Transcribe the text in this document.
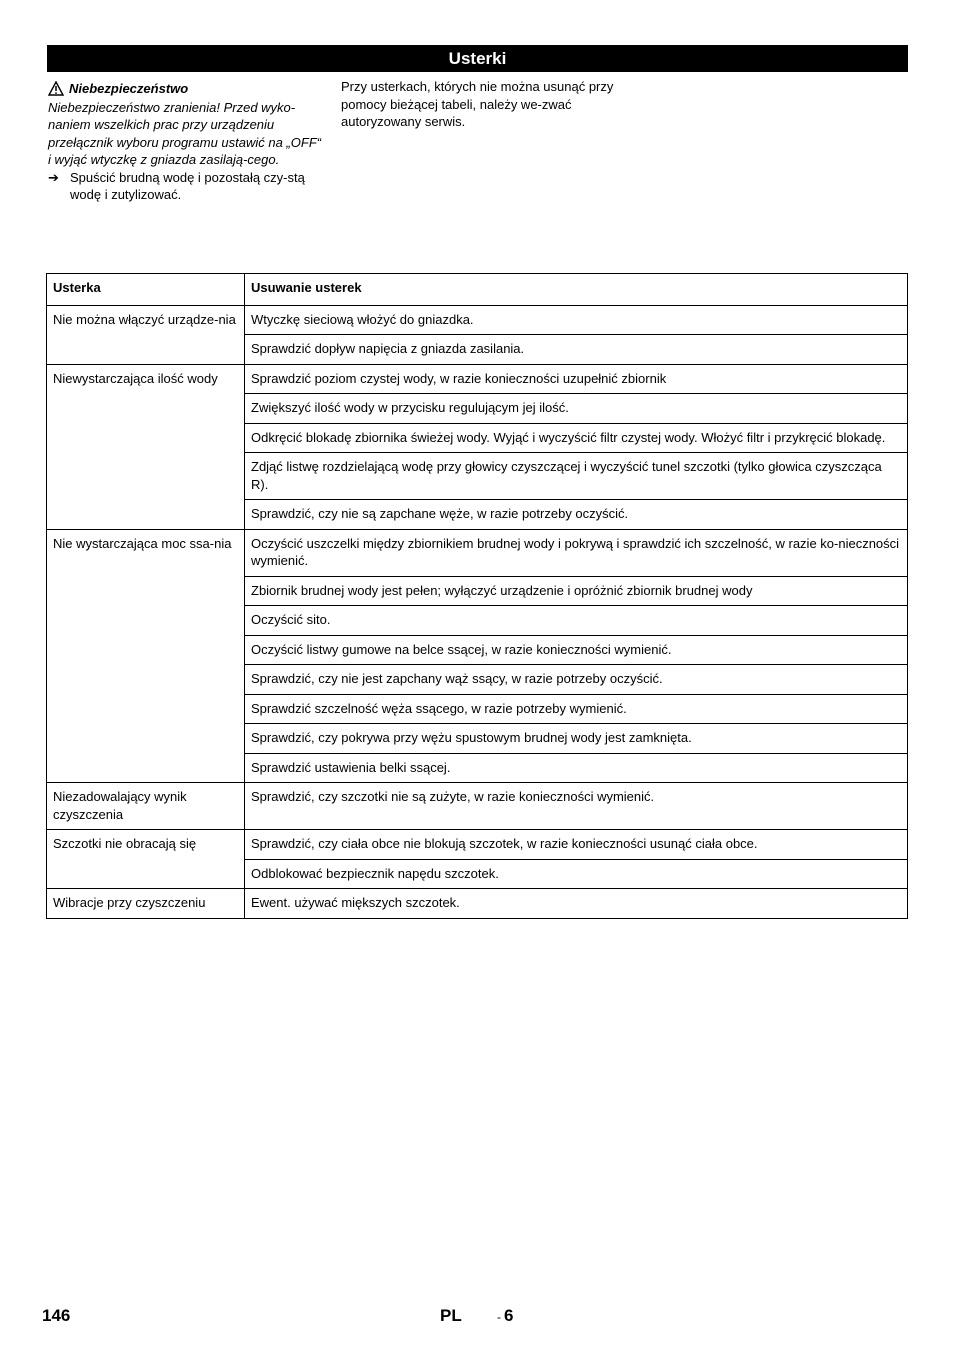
Usterki
Niebezpieczeństwo
Niebezpieczeństwo zranienia! Przed wyko-naniem wszelkich prac przy urządzeniu przełącznik wyboru programu ustawić na „OFF“ i wyjąć wtyczkę z gniazda zasilają-cego.
➔ Spuścić brudną wodę i pozostałą czy-stą wodę i zutylizować.
Przy usterkach, których nie można usunąć przy pomocy bieżącej tabeli, należy we-zwać autoryzowany serwis.
Usterka	Usuwanie usterek
Nie można włączyć urządze-nia	Wtyczkę sieciową włożyć do gniazdka.
	Sprawdzić dopływ napięcia z gniazda zasilania.
Niewystarczająca ilość wody	Sprawdzić poziom czystej wody, w razie konieczności uzupełnić zbiornik
	Zwiększyć ilość wody w przycisku regulującym jej ilość.
	Odkręcić blokadę zbiornika świeżej wody. Wyjąć i wyczyścić filtr czystej wody. Włożyć filtr i przykręcić blokadę.
	Zdjąć listwę rozdzielającą wodę przy głowicy czyszczącej i wyczyścić tunel szczotki (tylko głowica czyszcząca R).
	Sprawdzić, czy nie są zapchane węże, w razie potrzeby oczyścić.
Nie wystarczająca moc ssa-nia	Oczyścić uszczelki między zbiornikiem brudnej wody i pokrywą i sprawdzić ich szczelność, w razie ko-nieczności wymienić.
	Zbiornik brudnej wody jest pełen; wyłączyć urządzenie i opróżnić zbiornik brudnej wody
	Oczyścić sito.
	Oczyścić listwy gumowe na belce ssącej, w razie konieczności wymienić.
	Sprawdzić, czy nie jest zapchany wąż ssący, w razie potrzeby oczyścić.
	Sprawdzić szczelność węża ssącego, w razie potrzeby wymienić.
	Sprawdzić, czy pokrywa przy wężu spustowym brudnej wody jest zamknięta.
	Sprawdzić ustawienia belki ssącej.
Niezadowalający wynik czyszczenia	Sprawdzić, czy szczotki nie są zużyte, w razie konieczności wymienić.
Szczotki nie obracają się	Sprawdzić, czy ciała obce nie blokują szczotek, w razie konieczności usunąć ciała obce.
	Odblokować bezpiecznik napędu szczotek.
Wibracje przy czyszczeniu	Ewent. używać miększych szczotek.
146	PL	- 6
